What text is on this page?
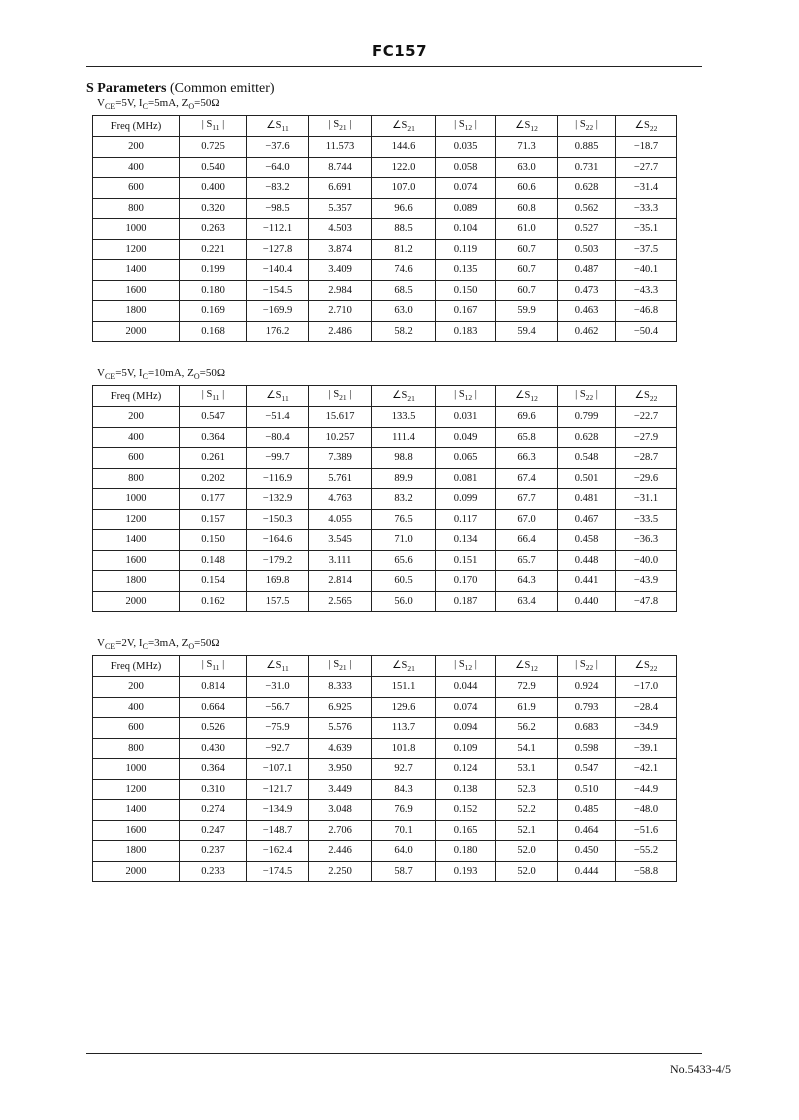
FC157
S Parameters (Common emitter)
$V_{CE}=5V$, $I_C=5mA$, $Z_O=50\Omega$
Freq (MHz)	| $S_{11}$ |	$\angle S_{11}$	| $S_{21}$ |	$\angle S_{21}$	| $S_{12}$ |	$\angle S_{12}$	| $S_{22}$ |	$\angle S_{22}$
200	0.725	−37.6	11.573	144.6	0.035	71.3	0.885	−18.7
400	0.540	−64.0	8.744	122.0	0.058	63.0	0.731	−27.7
600	0.400	−83.2	6.691	107.0	0.074	60.6	0.628	−31.4
800	0.320	−98.5	5.357	96.6	0.089	60.8	0.562	−33.3
1000	0.263	−112.1	4.503	88.5	0.104	61.0	0.527	−35.1
1200	0.221	−127.8	3.874	81.2	0.119	60.7	0.503	−37.5
1400	0.199	−140.4	3.409	74.6	0.135	60.7	0.487	−40.1
1600	0.180	−154.5	2.984	68.5	0.150	60.7	0.473	−43.3
1800	0.169	−169.9	2.710	63.0	0.167	59.9	0.463	−46.8
2000	0.168	176.2	2.486	58.2	0.183	59.4	0.462	−50.4
$V_{CE}=5V$, $I_C=10mA$, $Z_O=50\Omega$
Freq (MHz)	| $S_{11}$ |	$\angle S_{11}$	| $S_{21}$ |	$\angle S_{21}$	| $S_{12}$ |	$\angle S_{12}$	| $S_{22}$ |	$\angle S_{22}$
200	0.547	−51.4	15.617	133.5	0.031	69.6	0.799	−22.7
400	0.364	−80.4	10.257	111.4	0.049	65.8	0.628	−27.9
600	0.261	−99.7	7.389	98.8	0.065	66.3	0.548	−28.7
800	0.202	−116.9	5.761	89.9	0.081	67.4	0.501	−29.6
1000	0.177	−132.9	4.763	83.2	0.099	67.7	0.481	−31.1
1200	0.157	−150.3	4.055	76.5	0.117	67.0	0.467	−33.5
1400	0.150	−164.6	3.545	71.0	0.134	66.4	0.458	−36.3
1600	0.148	−179.2	3.111	65.6	0.151	65.7	0.448	−40.0
1800	0.154	169.8	2.814	60.5	0.170	64.3	0.441	−43.9
2000	0.162	157.5	2.565	56.0	0.187	63.4	0.440	−47.8
$V_{CE}=2V$, $I_C=3mA$, $Z_O=50\Omega$
Freq (MHz)	| $S_{11}$ |	$\angle S_{11}$	| $S_{21}$ |	$\angle S_{21}$	| $S_{12}$ |	$\angle S_{12}$	| $S_{22}$ |	$\angle S_{22}$
200	0.814	−31.0	8.333	151.1	0.044	72.9	0.924	−17.0
400	0.664	−56.7	6.925	129.6	0.074	61.9	0.793	−28.4
600	0.526	−75.9	5.576	113.7	0.094	56.2	0.683	−34.9
800	0.430	−92.7	4.639	101.8	0.109	54.1	0.598	−39.1
1000	0.364	−107.1	3.950	92.7	0.124	53.1	0.547	−42.1
1200	0.310	−121.7	3.449	84.3	0.138	52.3	0.510	−44.9
1400	0.274	−134.9	3.048	76.9	0.152	52.2	0.485	−48.0
1600	0.247	−148.7	2.706	70.1	0.165	52.1	0.464	−51.6
1800	0.237	−162.4	2.446	64.0	0.180	52.0	0.450	−55.2
2000	0.233	−174.5	2.250	58.7	0.193	52.0	0.444	−58.8
No.5433-4/5
